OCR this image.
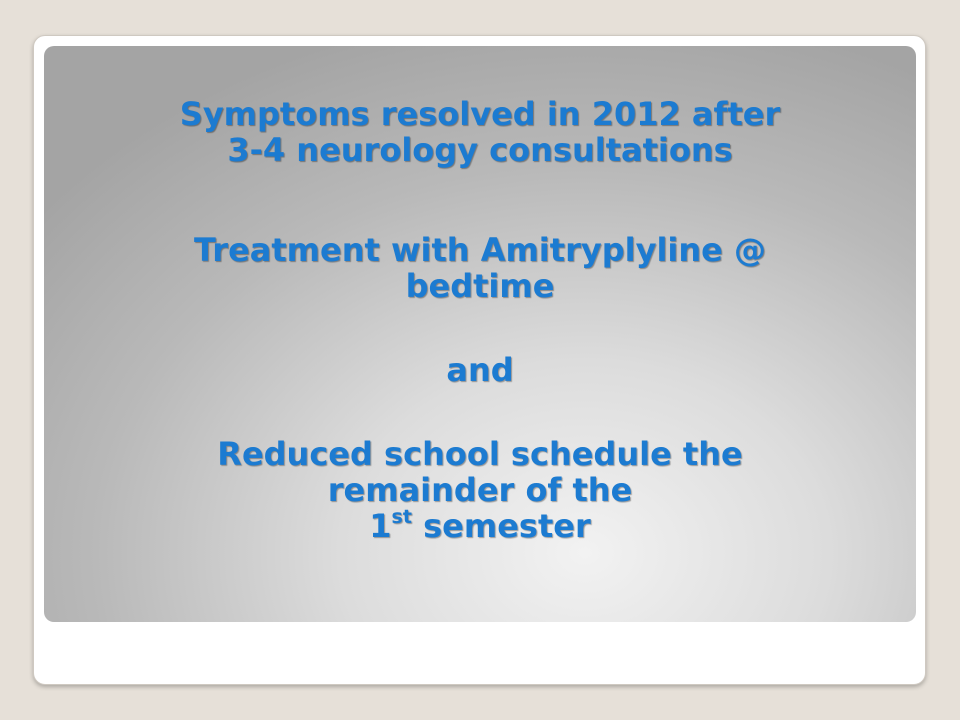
Symptoms resolved in 2012 after
3-4 neurology consultations
Treatment with Amitryplyline @
bedtime
and
Reduced school schedule the
remainder of the
1st semester
